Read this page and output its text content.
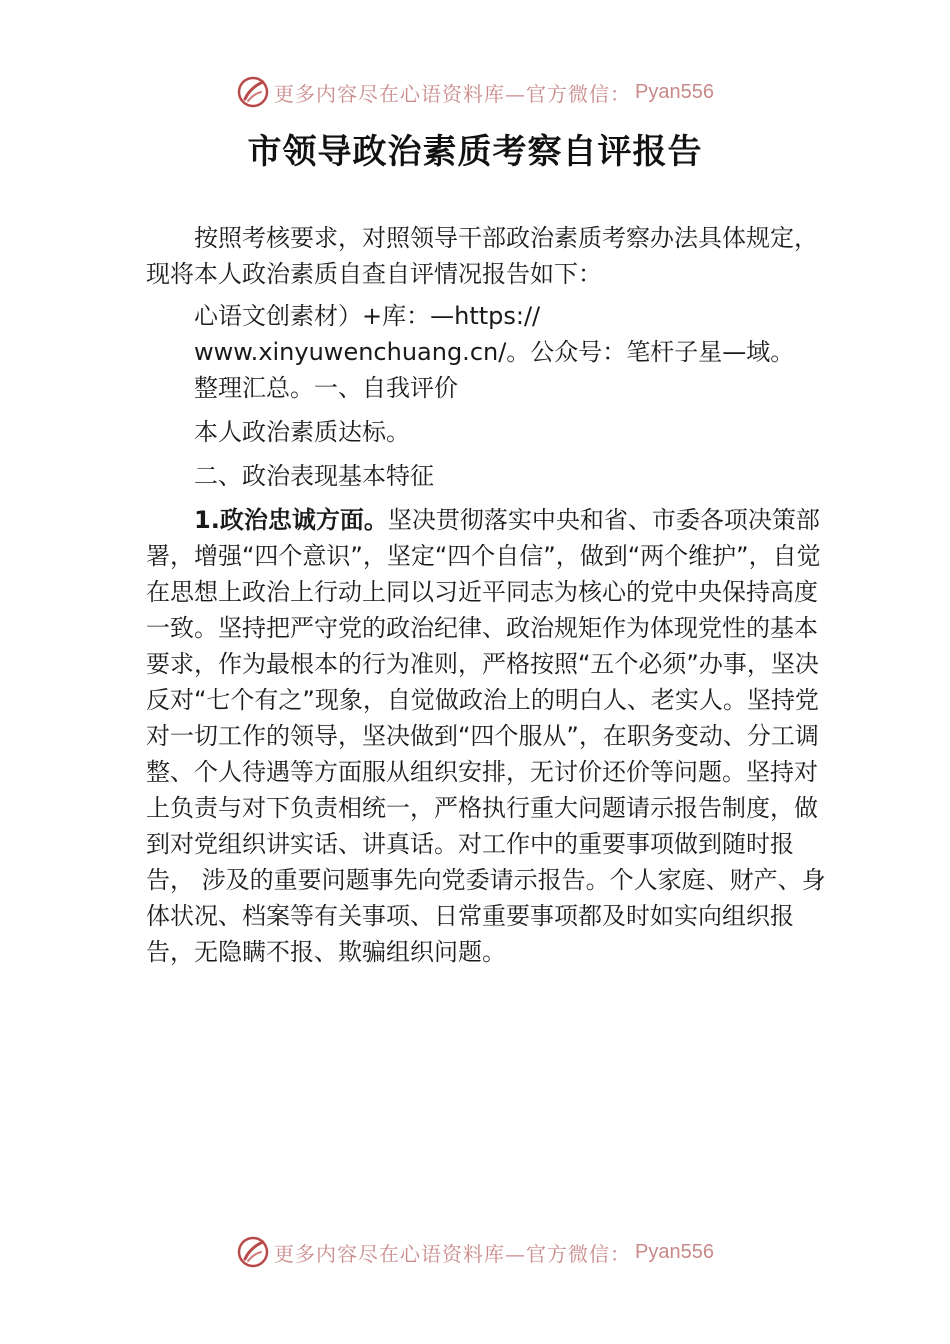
更多内容尽在心语资料库—官方微信： Pyan556
市领导政治素质考察自评报告

按照考核要求，对照领导干部政治素质考察办法具体规定，现将本人政治素质自查自评情况报告如下：

心语文创素材）+库：—https://

www.xinyuwenchuang.cn/。公众号：笔杆子星—域。

整理汇总。一、自我评价

本人政治素质达标。

二、政治表现基本特征

1.政治忠诚方面。坚决贯彻落实中央和省、市委各项决策部署，增强“四个意识”，坚定“四个自信”，做到“两个维护”，自觉在思想上政治上行动上同以习近平同志为核心的党中央保持高度一致。坚持把严守党的政治纪律、政治规矩作为体现党性的基本要求，作为最根本的行为准则，严格按照“五个必须”办事，坚决反对“七个有之”现象，自觉做政治上的明白人、老实人。坚持党对一切工作的领导，坚决做到“四个服从”，在职务变动、分工调整、个人待遇等方面服从组织安排，无讨价还价等问题。坚持对上负责与对下负责相统一，严格执行重大问题请示报告制度，做到对党组织讲实话、讲真话。对工作中的重要事项做到随时报告， 涉及的重要问题事先向党委请示报告。个人家庭、财产、身体状况、档案等有关事项、日常重要事项都及时如实向组织报告，无隐瞒不报、欺骗组织问题。

更多内容尽在心语资料库—官方微信： Pyan556
